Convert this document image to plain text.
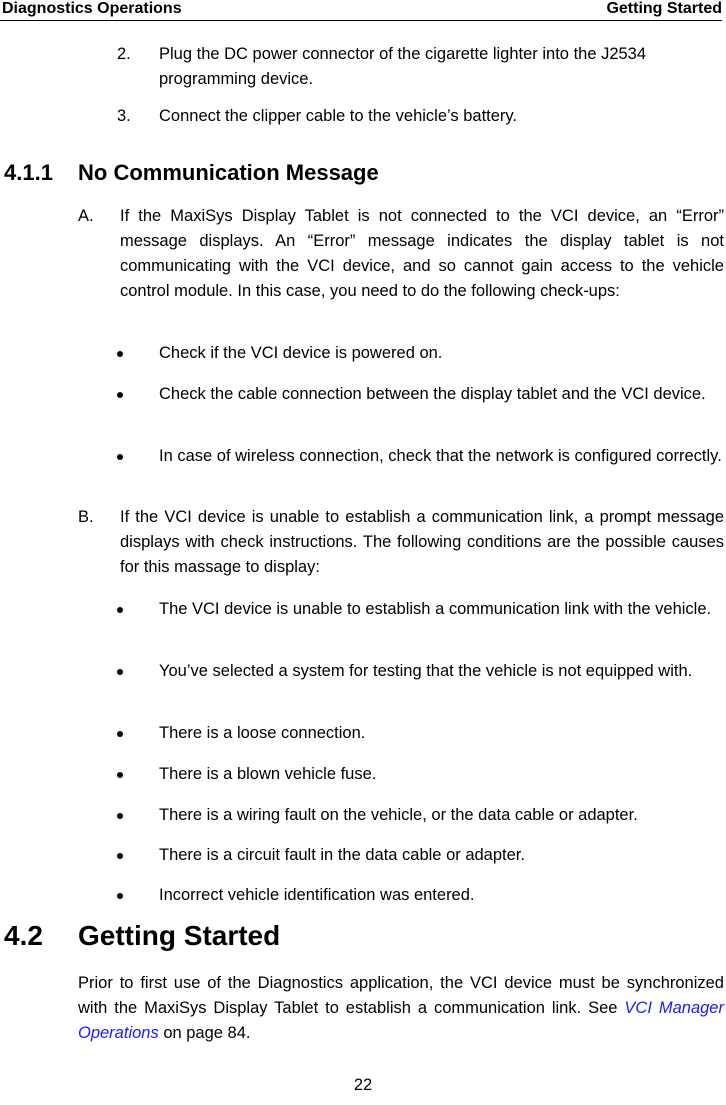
Diagnostics Operations	Getting Started
2. Plug the DC power connector of the cigarette lighter into the J2534 programming device.
3. Connect the clipper cable to the vehicle’s battery.
4.1.1 No Communication Message
A. If the MaxiSys Display Tablet is not connected to the VCI device, an “Error” message displays. An “Error” message indicates the display tablet is not communicating with the VCI device, and so cannot gain access to the vehicle control module. In this case, you need to do the following check-ups:
Check if the VCI device is powered on.
Check the cable connection between the display tablet and the VCI device.
In case of wireless connection, check that the network is configured correctly.
B. If the VCI device is unable to establish a communication link, a prompt message displays with check instructions. The following conditions are the possible causes for this massage to display:
The VCI device is unable to establish a communication link with the vehicle.
You’ve selected a system for testing that the vehicle is not equipped with.
There is a loose connection.
There is a blown vehicle fuse.
There is a wiring fault on the vehicle, or the data cable or adapter.
There is a circuit fault in the data cable or adapter.
Incorrect vehicle identification was entered.
4.2 Getting Started
Prior to first use of the Diagnostics application, the VCI device must be synchronized with the MaxiSys Display Tablet to establish a communication link. See VCI Manager Operations on page 84.
22
